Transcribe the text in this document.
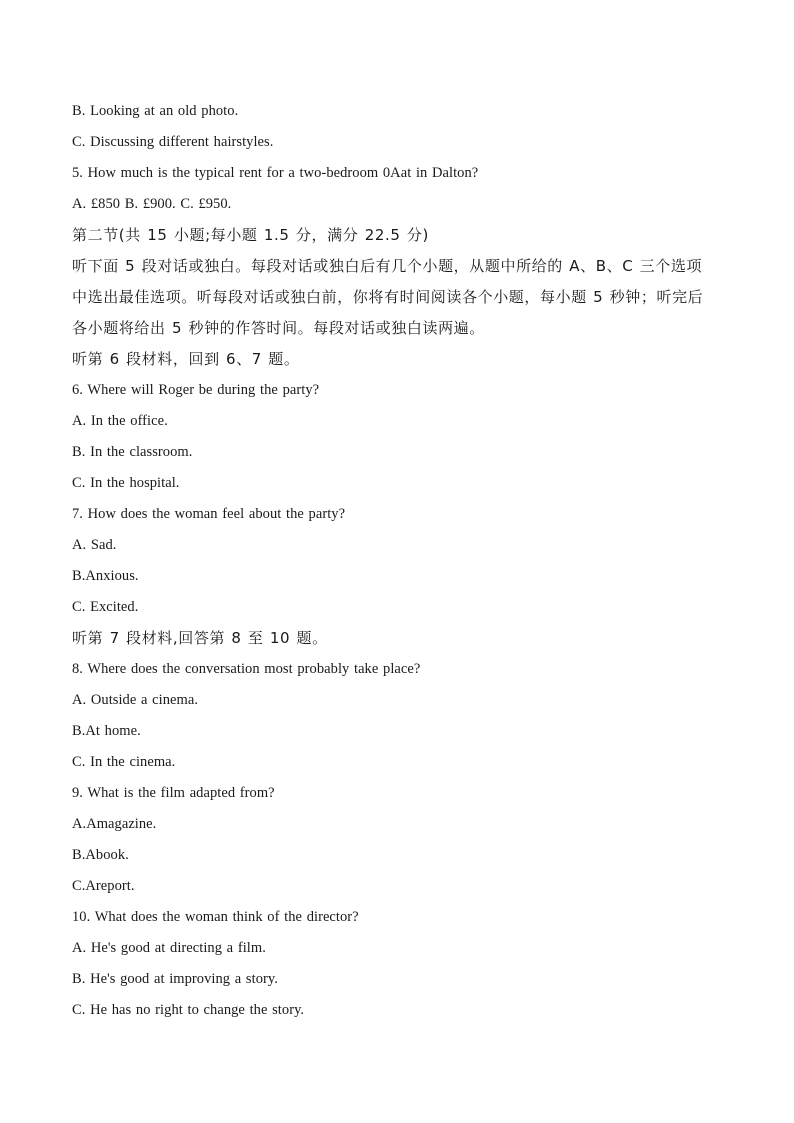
B. Looking at an old photo.
C. Discussing different hairstyles.
5. How much is the typical rent for a two-bedroom 0Aat in Dalton?
A. £850 B. £900. C. £950.
第二节(共 15 小题;每小题 1.5 分，满分 22.5 分)
听下面 5 段对话或独白。每段对话或独白后有几个小题，从题中所给的 A、B、C 三个选项
中选出最佳选项。听每段对话或独白前，你将有时间阅读各个小题，每小题 5 秒钟；听完后
各小题将给出 5 秒钟的作答时间。每段对话或独白读两遍。
听第 6 段材料，回到 6、7 题。
6. Where will Roger be during the party?
A. In the office.
B. In the classroom.
C. In the hospital.
7. How does the woman feel about the party?
A. Sad.
B.Anxious.
C. Excited.
听第 7 段材料,回答第 8 至 10 题。
8. Where does the conversation most probably take place?
A. Outside a cinema.
B.At home.
C. In the cinema.
9. What is the film adapted from?
A.Amagazine.
B.Abook.
C.Areport.
10. What does the woman think of the director?
A. He's good at directing a film.
B. He's good at improving a story.
C. He has no right to change the story.
